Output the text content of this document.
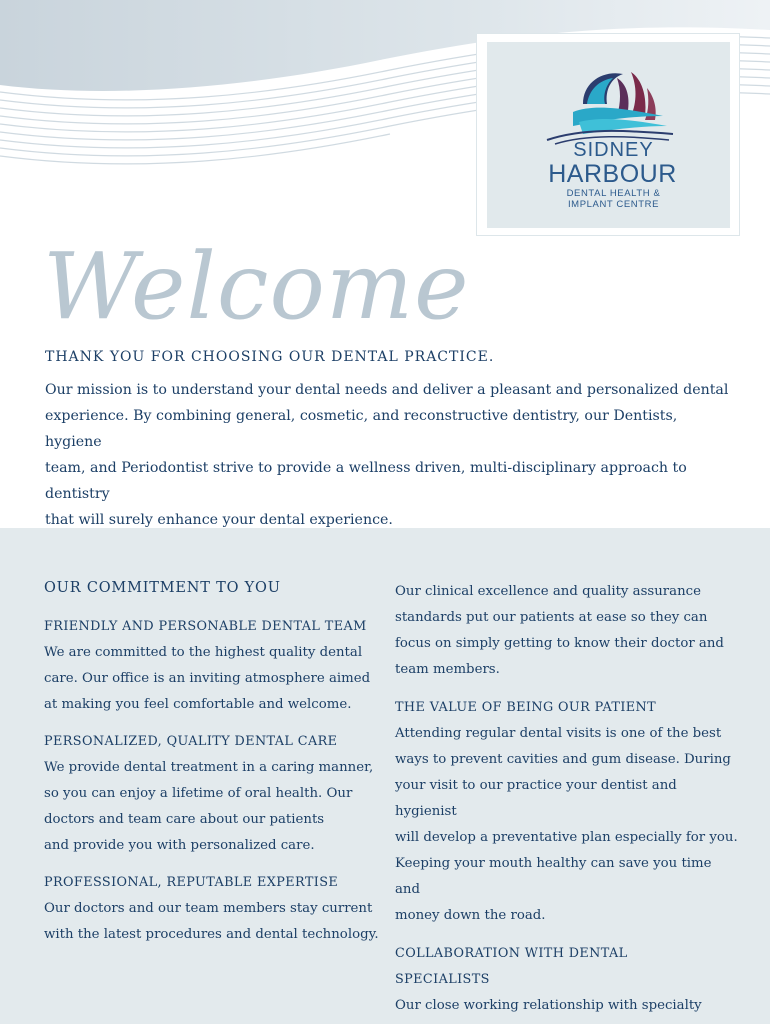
SIDNEY
HARBOUR
DENTAL HEALTH &
IMPLANT CENTRE
Welcome
THANK YOU FOR CHOOSING OUR DENTAL PRACTICE.
Our mission is to understand your dental needs and deliver a pleasant and personalized dental
experience. By combining general, cosmetic, and reconstructive dentistry, our Dentists, hygiene
team, and Periodontist strive to provide a wellness driven, multi-disciplinary approach to dentistry
that will surely enhance your dental experience.
OUR COMMITMENT TO YOU
FRIENDLY AND PERSONABLE DENTAL TEAM
We are committed to the highest quality dental
care. Our office is an inviting atmosphere aimed
at making you feel comfortable and welcome.
PERSONALIZED, QUALITY DENTAL CARE
We provide dental treatment in a caring manner,
so you can enjoy a lifetime of oral health. Our
doctors and team care about our patients
and provide you with personalized care.
PROFESSIONAL, REPUTABLE EXPERTISE
Our doctors and our team members stay current
with the latest procedures and dental technology.
Our clinical excellence and quality assurance
standards put our patients at ease so they can
focus on simply getting to know their doctor and
team members.
THE VALUE OF BEING OUR PATIENT
Attending regular dental visits is one of the best
ways to prevent cavities and gum disease. During
your visit to our practice your dentist and hygienist
will develop a preventative plan especially for you.
Keeping your mouth healthy can save you time and
money down the road.
COLLABORATION WITH DENTAL
SPECIALISTS
Our close working relationship with specialty
